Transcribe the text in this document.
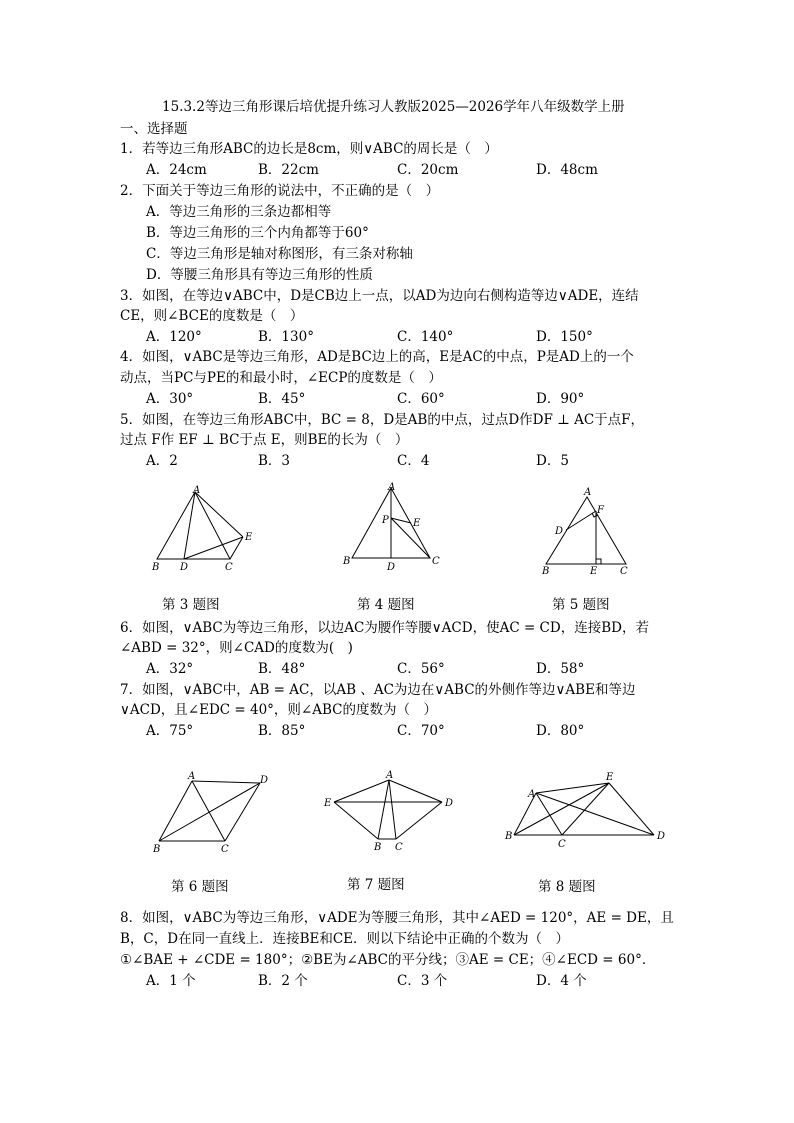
15.3.2等边三角形课后培优提升练习人教版2025—2026学年八年级数学上册
一、选择题
1．若等边三角形ABC的边长是8cm，则∨ABC的周长是（　）
A．24cm	B．22cm	C．20cm	D．48cm
2．下面关于等边三角形的说法中，不正确的是（　）
A．等边三角形的三条边都相等
B．等边三角形的三个内角都等于60°
C．等边三角形是轴对称图形，有三条对称轴
D．等腰三角形具有等边三角形的性质
3．如图，在等边∨ABC中，D是CB边上一点，以AD为边向右侧构造等边∨ADE，连结
CE，则∠BCE的度数是（　）
A．120°	B．130°	C．140°	D．150°
4．如图，∨ABC是等边三角形，AD是BC边上的高，E是AC的中点，P是AD上的一个
动点，当PC与PE的和最小时，∠ECP的度数是（　）
A．30°	B．45°	C．60°	D．90°
5．如图，在等边三角形ABC中，BC = 8，D是AB的中点，过点D作DF ⊥ AC于点F，
过点 F作 EF ⊥ BC于点 E，则BE的长为（　）
A．2	B．3	C．4	D．5
A
B D	C
E
A
P E
B
D
C
A
F
D
B	E C
第 3 题图	第 4 题图	第 5 题图
6．如图，∨ABC为等边三角形，以边AC为腰作等腰∨ACD，使AC = CD，连接BD，若
∠ABD = 32°，则∠CAD的度数为(　)
A．32°	B．48°	C．56°	D．58°
7．如图，∨ABC中，AB = AC，以AB 、AC为边在∨ABC的外侧作等边∨ABE和等边
∨ACD，且∠EDC = 40°，则∠ABC的度数为（　）
A．75°	B．85°	C．70°	D．80°
A	D
B	C
A
E	D
B C
A
E
B
C
D
第 6 题图	第 7 题图	第 8 题图
8．如图，∨ABC为等边三角形，∨ADE为等腰三角形，其中∠AED = 120°，AE = DE，且
B，C，D在同一直线上．连接BE和CE．则以下结论中正确的个数为（　）
①∠BAE + ∠CDE = 180°；②BE为∠ABC的平分线；③AE = CE；④∠ECD = 60°．
A．1 个	B．2 个	C．3 个	D．4 个
